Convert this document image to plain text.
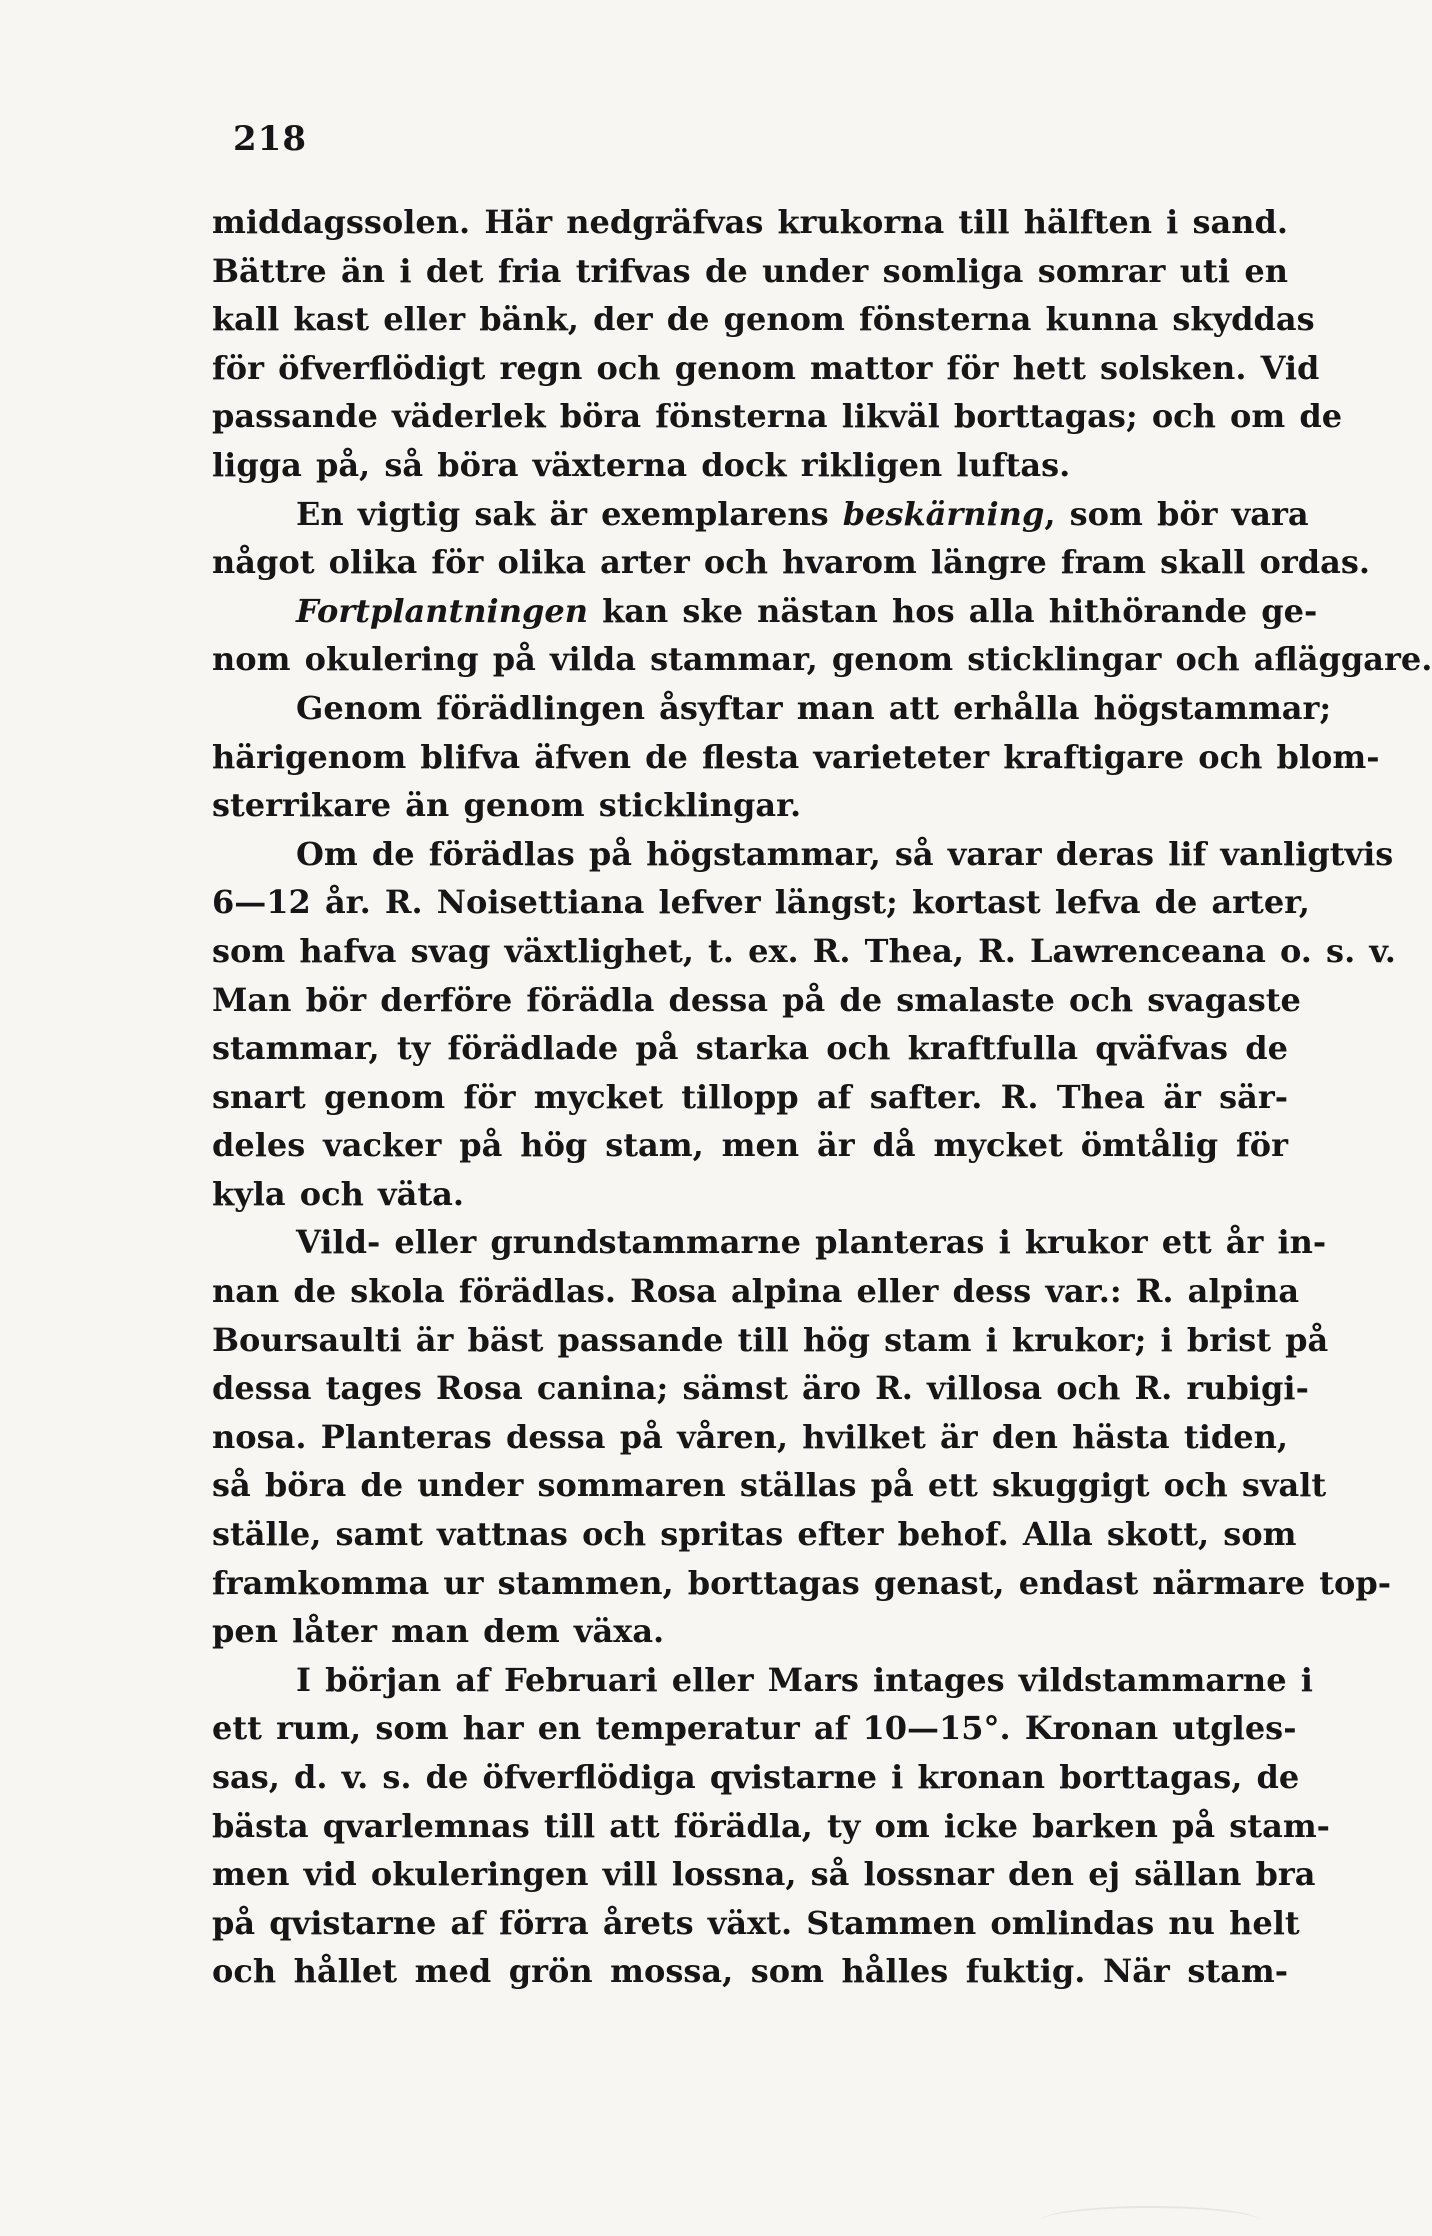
218
middagssolen. Här nedgräfvas krukorna till hälften i sand.
Bättre än i det fria trifvas de under somliga somrar uti en
kall kast eller bänk, der de genom fönsterna kunna skyddas
för öfverflödigt regn och genom mattor för hett solsken. Vid
passande väderlek böra fönsterna likväl borttagas; och om de
ligga på, så böra växterna dock rikligen luftas.
En vigtig sak är exemplarens beskärning, som bör vara
något olika för olika arter och hvarom längre fram skall ordas.
Fortplantningen kan ske nästan hos alla hithörande ge-
nom okulering på vilda stammar, genom sticklingar och afläggare.
Genom förädlingen åsyftar man att erhålla högstammar;
härigenom blifva äfven de flesta varieteter kraftigare och blom-
sterrikare än genom sticklingar.
Om de förädlas på högstammar, så varar deras lif vanligtvis
6—12 år. R. Noisettiana lefver längst; kortast lefva de arter,
som hafva svag växtlighet, t. ex. R. Thea, R. Lawrenceana o. s. v.
Man bör derföre förädla dessa på de smalaste och svagaste
stammar, ty förädlade på starka och kraftfulla qväfvas de
snart genom för mycket tillopp af safter. R. Thea är sär-
deles vacker på hög stam, men är då mycket ömtålig för
kyla och väta.
Vild- eller grundstammarne planteras i krukor ett år in-
nan de skola förädlas. Rosa alpina eller dess var.: R. alpina
Boursaulti är bäst passande till hög stam i krukor; i brist på
dessa tages Rosa canina; sämst äro R. villosa och R. rubigi-
nosa. Planteras dessa på våren, hvilket är den hästa tiden,
så böra de under sommaren ställas på ett skuggigt och svalt
ställe, samt vattnas och spritas efter behof. Alla skott, som
framkomma ur stammen, borttagas genast, endast närmare top-
pen låter man dem växa.
I början af Februari eller Mars intages vildstammarne i
ett rum, som har en temperatur af 10—15°. Kronan utgles-
sas, d. v. s. de öfverflödiga qvistarne i kronan borttagas, de
bästa qvarlemnas till att förädla, ty om icke barken på stam-
men vid okuleringen vill lossna, så lossnar den ej sällan bra
på qvistarne af förra årets växt. Stammen omlindas nu helt
och hållet med grön mossa, som hålles fuktig. När stam-
